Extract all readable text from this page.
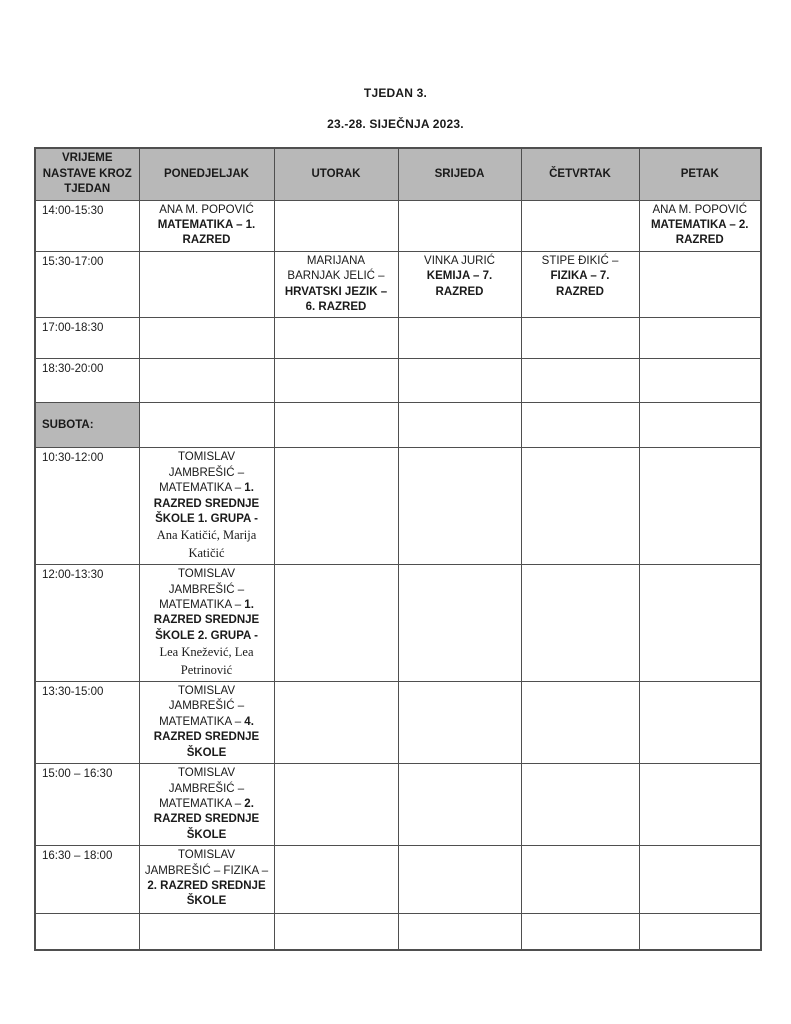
TJEDAN 3.
23.-28. SIJEČNJA 2023.
VRIJEME NASTAVE KROZ TJEDAN	PONEDJELJAK	UTORAK	SRIJEDA	ČETVRTAK	PETAK
14:00-15:30	ANA M. POPOVIĆ MATEMATIKA – 1. RAZRED				ANA M. POPOVIĆ MATEMATIKA – 2. RAZRED
15:30-17:00		MARIJANA BARNJAK JELIĆ – HRVATSKI JEZIK – 6. RAZRED	VINKA JURIĆ KEMIJA – 7. RAZRED	STIPE ĐIKIĆ –FIZIKA – 7. RAZRED	
17:00-18:30					
18:30-20:00					
SUBOTA:					
10:30-12:00	TOMISLAV JAMBREŠIĆ – MATEMATIKA – 1. RAZRED SREDNJE ŠKOLE 1. GRUPA - Ana Katičić, Marija Katičić				
12:00-13:30	TOMISLAV JAMBREŠIĆ – MATEMATIKA – 1. RAZRED SREDNJE ŠKOLE 2. GRUPA - Lea Knežević, Lea Petrinović				
13:30-15:00	TOMISLAV JAMBREŠIĆ – MATEMATIKA – 4. RAZRED SREDNJE ŠKOLE				
15:00 – 16:30	TOMISLAV JAMBREŠIĆ – MATEMATIKA – 2. RAZRED SREDNJE ŠKOLE				
16:30 – 18:00	TOMISLAV JAMBREŠIĆ – FIZIKA – 2. RAZRED SREDNJE ŠKOLE				
